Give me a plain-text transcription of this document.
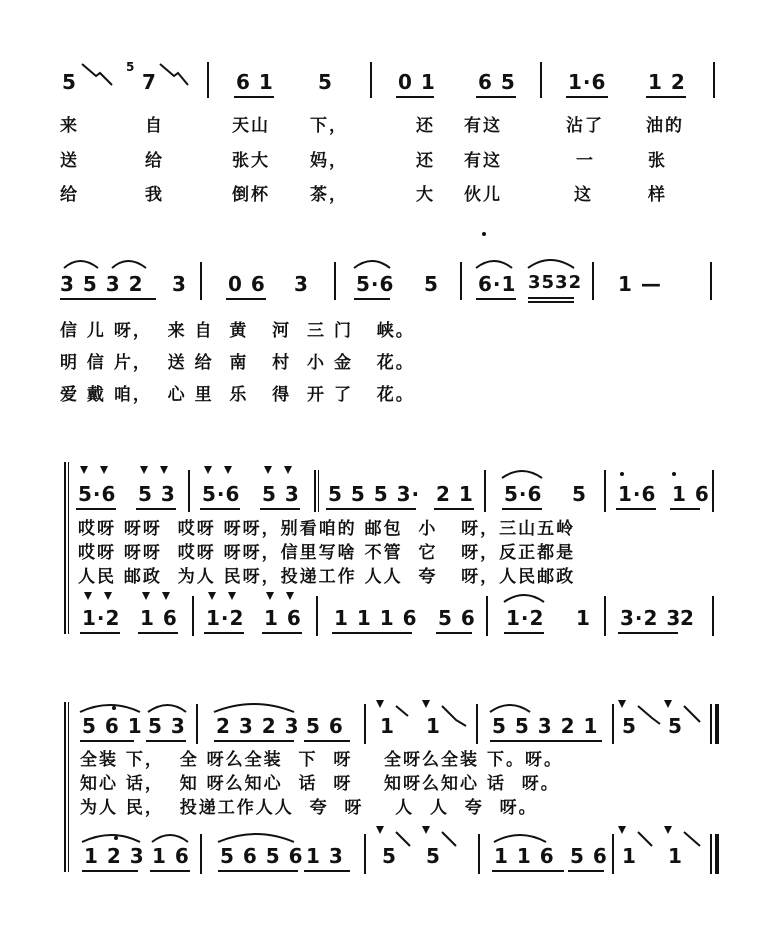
5
5
7	6 1 5	0 1 6 5	1·6 1 2
来	自	天山 下，	还 有这	沾了 油的
送	给	张大 妈，	还 有这	一	张
给	我	倒杯 茶，	大 伙儿	这	样
3 5 3 2 3 0 6 3 5·6 5 6·1 3532 1 —
信 儿 呀，  来 自  黄   河  三 门   峡。
明 信 片，  送 给  南   村  小 金   花。
爱 戴 咱，  心 里  乐   得  开 了   花。
5·6 5 3 5·6 5 3 5 5 5 3· 2 1 5·6 5 1·6 1 6
哎呀 呀呀  哎呀 呀呀，别看咱的 邮包  小   呀，三山五岭
哎呀 呀呀  哎呀 呀呀，信里写啥 不管  它   呀，反正都是
人民 邮政  为人 民呀，投递工作 人人  夸   呀，人民邮政
1·2 1 6 1·2 1 6 1 1 1 6 5 6 1·2 1 3·2 3
2
5 6 1 5 3 2 3 2 3 5 6 1 1	5 5 3 2 1 5 5
全装 下，  全 呀么全装  下  呀    全呀么全装 下。呀。
知心 话，  知 呀么知心  话  呀    知呀么知心 话  呀。
为人 民，  投递工作人人  夸  呀    人  人  夸  呀。
1 2 3 1 6 5 6 5 6 1 3 5 5	1 1 6 5 6 1 1
